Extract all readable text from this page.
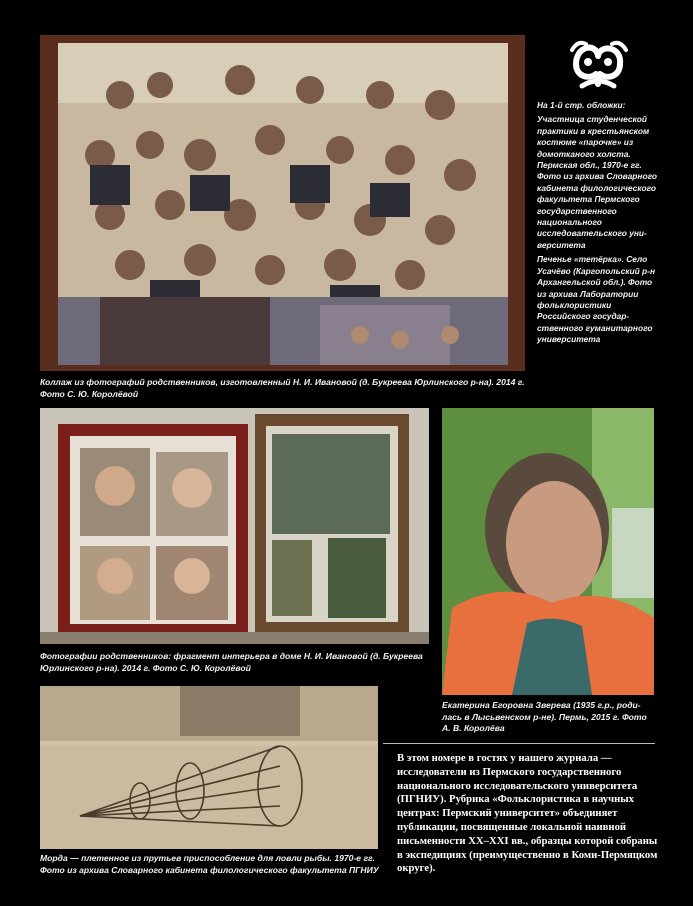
На 1-й стр. обложки:

Участница студенческой практики в крестьянском костюме «парочке» из домотканого холста. Пермская обл., 1970-е гг. Фото из архива Словарного кабинета филологического факультета Пермского государственного национального исследовательского университета

Печенье «тетёрка». Село Усачёво (Каргопольский р-н Архангельской обл.). Фото из архива Лаборатории фольклористики Российского государственного гуманитарного университета

Коллаж из фотографий родственников, изготовленный Н. И. Ивановой (д. Букреева Юрлинского р-на). 2014 г. Фото С. Ю. Королёвой
Фотографии родственников: фрагмент интерьера в доме Н. И. Ивановой (д. Букреева Юрлинского р-на). 2014 г. Фото С. Ю. Королёвой
Екатерина Егоровна Зверева (1935 г.р., родилась в Лысьвенском р-не). Пермь, 2015 г. Фото А. В. Королёва
Морда — плетенное из прутьев приспособление для ловли рыбы. 1970-е гг. Фото из архива Словарного кабинета филологического факультета ПГНИУ
В этом номере в гостях у нашего журнала — исследователи из Пермского государственного национального исследовательского университета (ПГНИУ). Рубрика «Фольклористика в научных центрах: Пермский университет» объединяет публикации, посвященные локальной наивной письменности XX–XXI вв., образцы которой собраны в экспедициях (преимущественно в Коми-Пермяцком округе).
